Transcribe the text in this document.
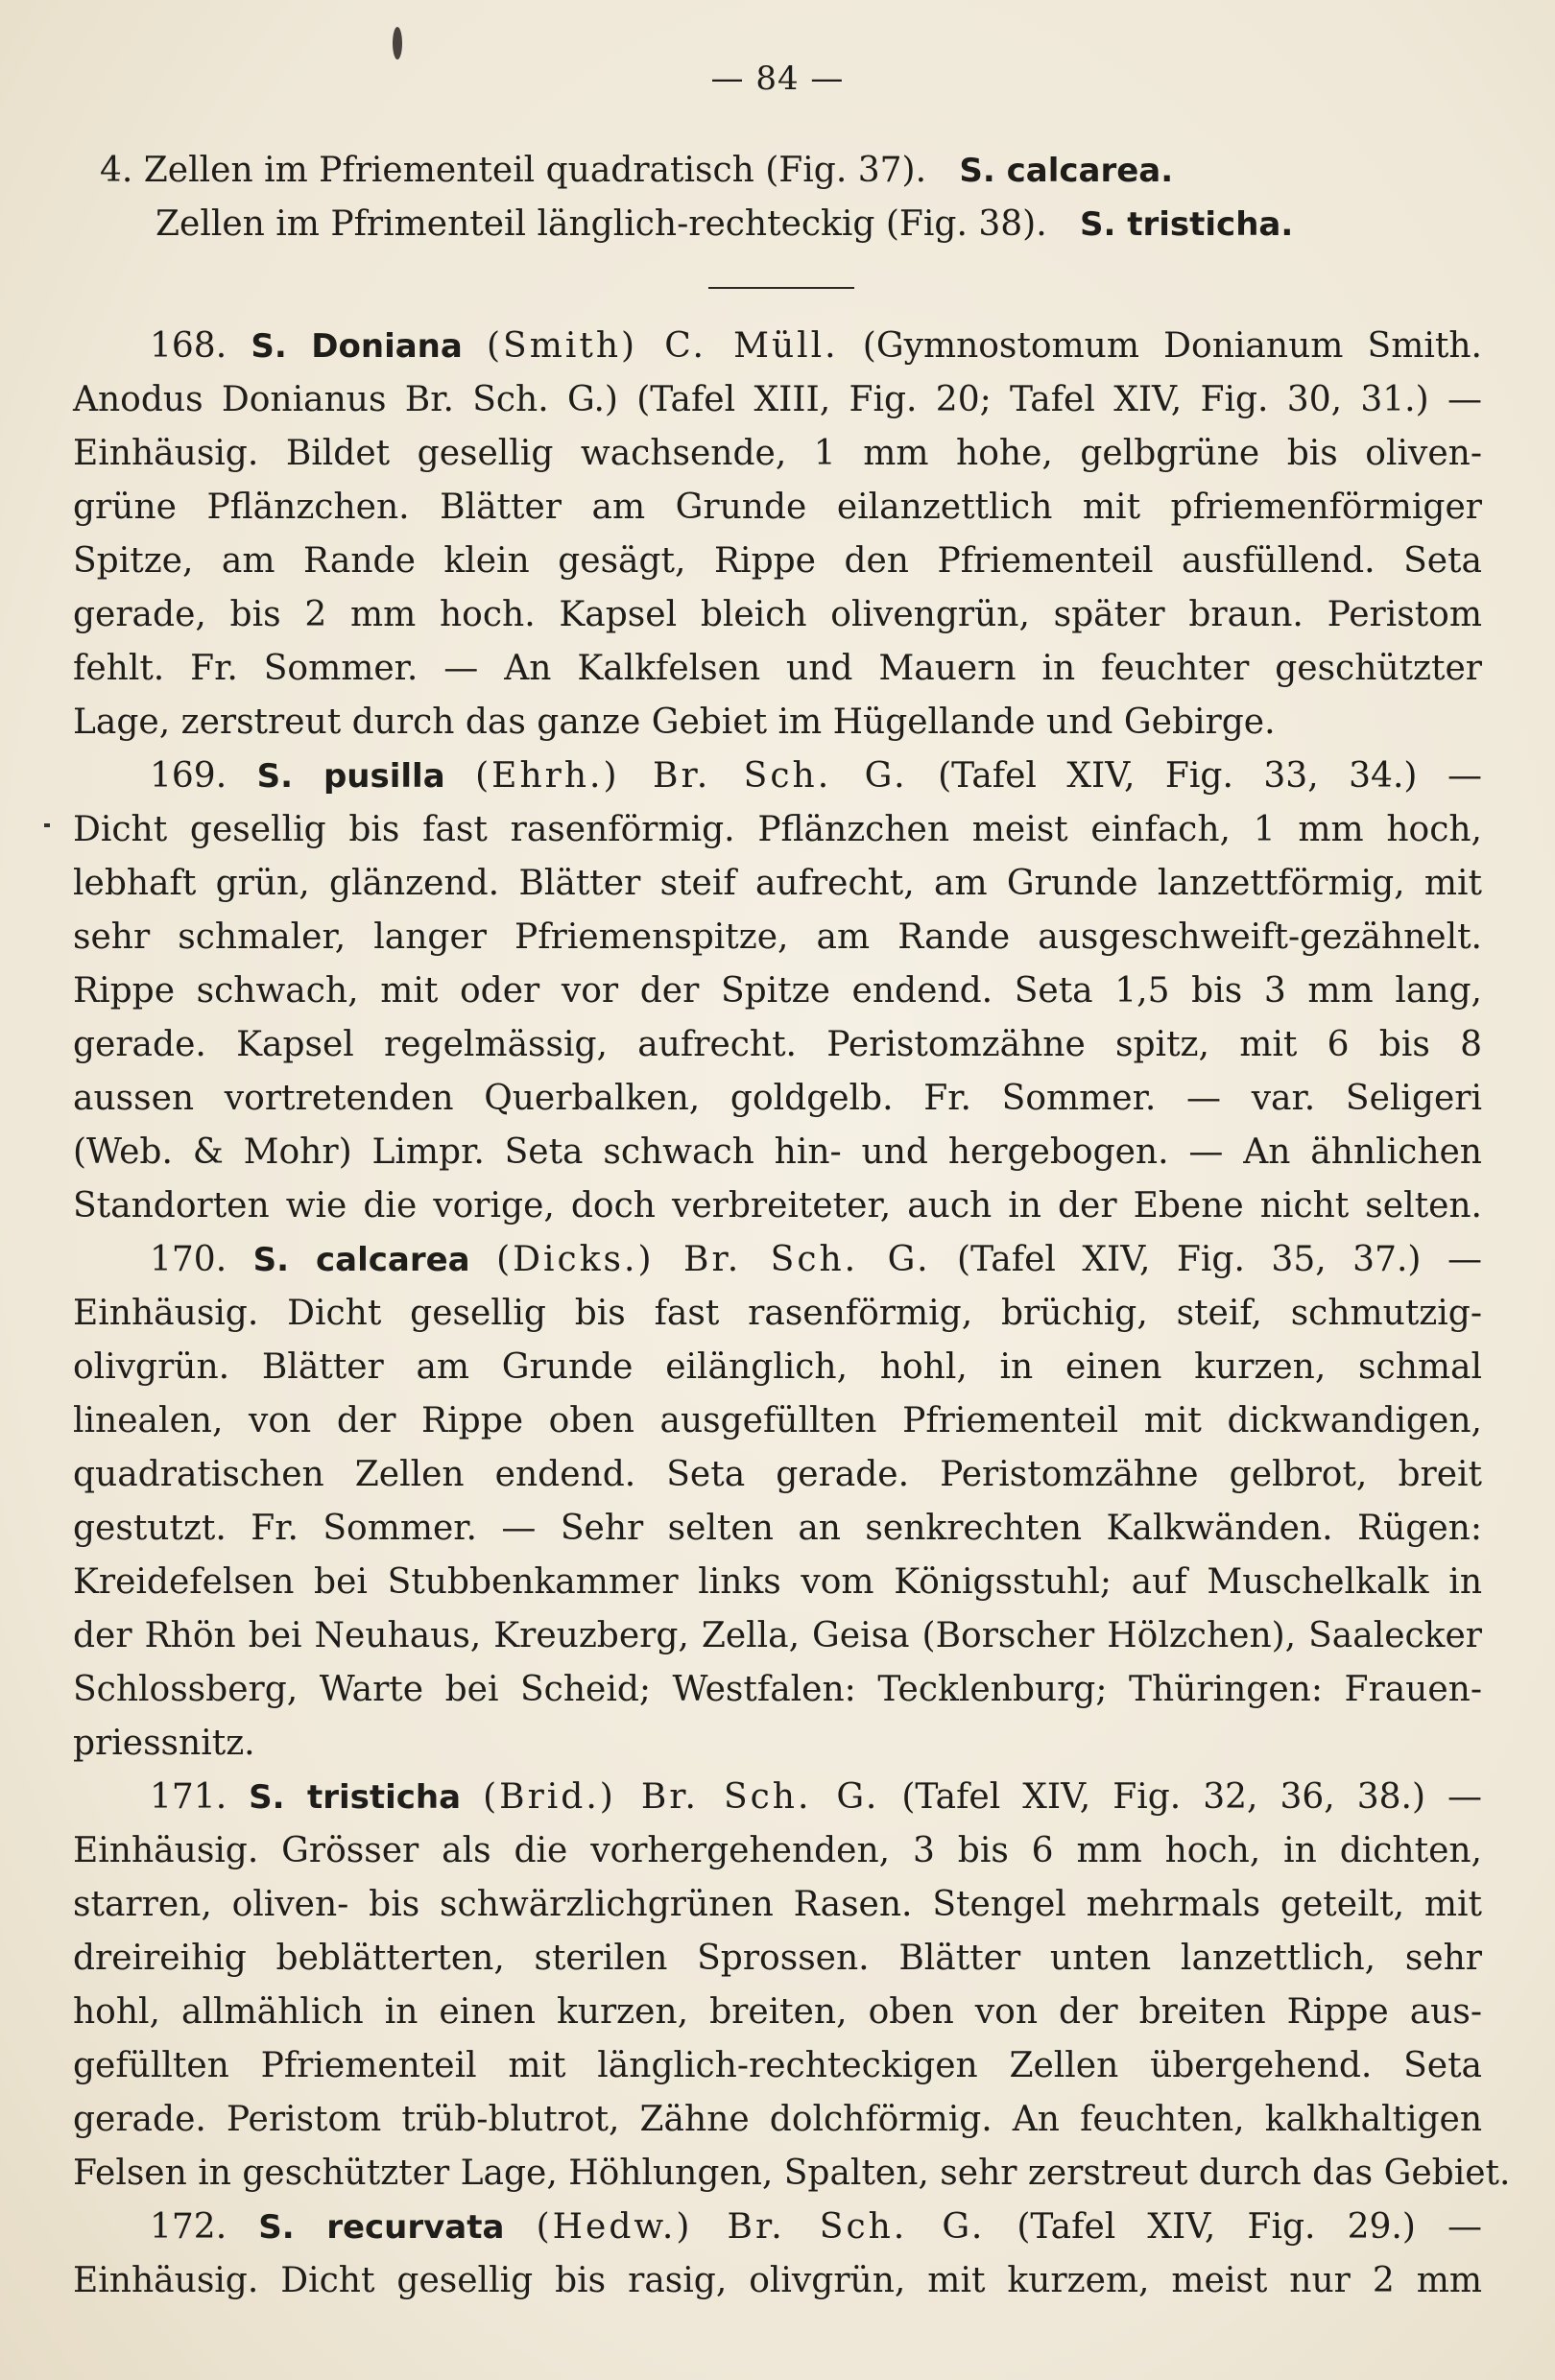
— 84 —
4. Zellen im Pfriementeil quadratisch (Fig. 37). S. calcarea.
Zellen im Pfrimenteil länglich-rechteckig (Fig. 38). S. tristicha.
168. S. Doniana (Smith) C. Müll. (Gymnostomum Donianum Smith.
Anodus Donianus Br. Sch. G.) (Tafel XIII, Fig. 20; Tafel XIV, Fig. 30, 31.) —
Einhäusig. Bildet gesellig wachsende, 1 mm hohe, gelbgrüne bis oliven-
grüne Pflänzchen. Blätter am Grunde eilanzettlich mit pfriemenförmiger
Spitze, am Rande klein gesägt, Rippe den Pfriementeil ausfüllend. Seta
gerade, bis 2 mm hoch. Kapsel bleich olivengrün, später braun. Peristom
fehlt. Fr. Sommer. — An Kalkfelsen und Mauern in feuchter geschützter
Lage, zerstreut durch das ganze Gebiet im Hügellande und Gebirge.
169. S. pusilla (Ehrh.) Br. Sch. G. (Tafel XIV, Fig. 33, 34.) —
Dicht gesellig bis fast rasenförmig. Pflänzchen meist einfach, 1 mm hoch,
lebhaft grün, glänzend. Blätter steif aufrecht, am Grunde lanzettförmig, mit
sehr schmaler, langer Pfriemenspitze, am Rande ausgeschweift-gezähnelt.
Rippe schwach, mit oder vor der Spitze endend. Seta 1,5 bis 3 mm lang,
gerade. Kapsel regelmässig, aufrecht. Peristomzähne spitz, mit 6 bis 8
aussen vortretenden Querbalken, goldgelb. Fr. Sommer. — var. Seligeri
(Web. & Mohr) Limpr. Seta schwach hin- und hergebogen. — An ähnlichen
Standorten wie die vorige, doch verbreiteter, auch in der Ebene nicht selten.
170. S. calcarea (Dicks.) Br. Sch. G. (Tafel XIV, Fig. 35, 37.) —
Einhäusig. Dicht gesellig bis fast rasenförmig, brüchig, steif, schmutzig-
olivgrün. Blätter am Grunde eilänglich, hohl, in einen kurzen, schmal
linealen, von der Rippe oben ausgefüllten Pfriementeil mit dickwandigen,
quadratischen Zellen endend. Seta gerade. Peristomzähne gelbrot, breit
gestutzt. Fr. Sommer. — Sehr selten an senkrechten Kalkwänden. Rügen:
Kreidefelsen bei Stubbenkammer links vom Königsstuhl; auf Muschelkalk in
der Rhön bei Neuhaus, Kreuzberg, Zella, Geisa (Borscher Hölzchen), Saalecker
Schlossberg, Warte bei Scheid; Westfalen: Tecklenburg; Thüringen: Frauen-
priessnitz.
171. S. tristicha (Brid.) Br. Sch. G. (Tafel XIV, Fig. 32, 36, 38.) —
Einhäusig. Grösser als die vorhergehenden, 3 bis 6 mm hoch, in dichten,
starren, oliven- bis schwärzlichgrünen Rasen. Stengel mehrmals geteilt, mit
dreireihig beblätterten, sterilen Sprossen. Blätter unten lanzettlich, sehr
hohl, allmählich in einen kurzen, breiten, oben von der breiten Rippe aus-
gefüllten Pfriementeil mit länglich-rechteckigen Zellen übergehend. Seta
gerade. Peristom trüb-blutrot, Zähne dolchförmig. An feuchten, kalkhaltigen
Felsen in geschützter Lage, Höhlungen, Spalten, sehr zerstreut durch das Gebiet.
172. S. recurvata (Hedw.) Br. Sch. G. (Tafel XIV, Fig. 29.) —
Einhäusig. Dicht gesellig bis rasig, olivgrün, mit kurzem, meist nur 2 mm
